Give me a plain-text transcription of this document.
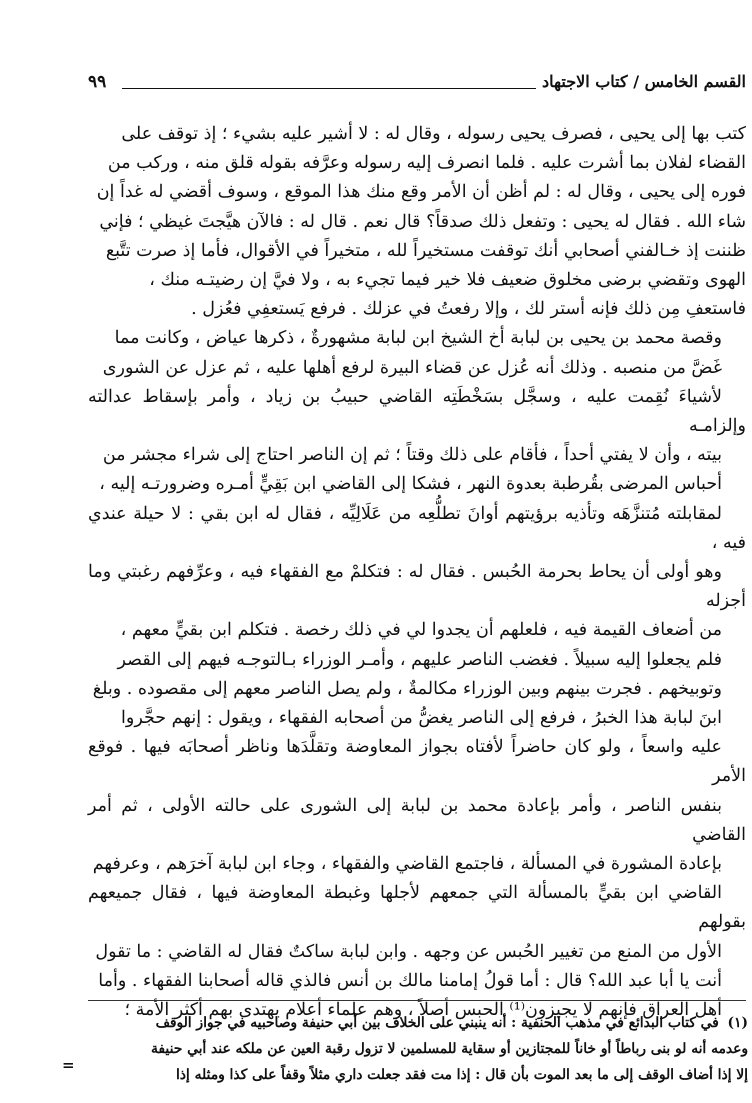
القسم الخامس / كتاب الاجتهاد
٩٩

كتب بها إلى يحيى ، فصرف يحيى رسوله ، وقال له : لا أشير عليه بشيء ؛ إذ توقف على
القضاء لفلان بما أشرت عليه . فلما انصرف إليه رسوله وعرَّفه بقوله قلق منه ، وركب من
فوره إلى يحيى ، وقال له : لم أظن أن الأمر وقع منك هذا الموقع ، وسوف أقضي له غداً إن
شاء الله . فقال له يحيى : وتفعل ذلك صدقاً؟ قال نعم . قال له : فالآن هيَّجتَ غيظي ؛ فإني
ظننت إذ خـالفني أصحابي أنك توقفت مستخيراً لله ، متخيراً في الأقوال، فأما إذ صرت تتَّبع
الهوى وتقضي برضى مخلوق ضعيف فلا خير فيما تجيء به ، ولا فيَّ إن رضيتـه منك ،
فاستعفِ مِن ذلك فإنه أستر لك ، وإلا رفعتُ في عزلك . فرفع يَستعفِي فعُزل .

وقصة محمد بن يحيى بن لبابة أخ الشيخ ابن لبابة مشهورةٌ ، ذكرها عياض ، وكانت مما
غَضَّ من منصبه . وذلك أنه عُزل عن قضاء البيرة لرفع أهلها عليه ، ثم عزل عن الشورى
لأشياءَ نُقِمت عليه ، وسجَّل بسَخْطَتِه القاضي حبيبُ بن زياد ، وأمر بإسقاط عدالته وإلزامـه
بيته ، وأن لا يفتي أحداً ، فأقام على ذلك وقتاً ؛ ثم إن الناصر احتاج إلى شراء مجشر من
أحباس المرضى بقُرطبة بعدوة النهر ، فشكا إلى القاضي ابن بَقِيٍّ أمـره وضرورتـه إليه ،
لمقابلته مُتنزَّهَه وتأذيه برؤيتهم أوانَ تطلُّعِه من عَلَالِيِّه ، فقال له ابن بقي : لا حيلة عندي فيه ،
وهو أولى أن يحاط بحرمة الحُبس . فقال له : فتكلمْ مع الفقهاء فيه ، وعرِّفهم رغبتي وما أجزله
من أضعاف القيمة فيه ، فلعلهم أن يجدوا لي في ذلك رخصة . فتكلم ابن بقيٍّ معهم ،
فلم يجعلوا إليه سبيلاً . فغضب الناصر عليهم ، وأمـر الوزراء بـالتوجـه فيهم إلى القصر
وتوبيخهم . فجرت بينهم وبين الوزراء مكالمةٌ ، ولم يصل الناصر معهم إلى مقصوده . وبلغ
ابنَ لبابة هذا الخبرُ ، فرفع إلى الناصر يغضُّ من أصحابه الفقهاء ، ويقول : إنهم حجَّروا
عليه واسعاً ، ولو كان حاضراً لأفتاه بجواز المعاوضة وتقلَّدَها وناظر أصحابَه فيها . فوقع الأمر
بنفس الناصر ، وأمر بإعادة محمد بن لبابة إلى الشورى على حالته الأولى ، ثم أمر القاضي
بإعادة المشورة في المسألة ، فاجتمع القاضي والفقهاء ، وجاء ابن لبابة آخرَهم ، وعرفهم
القاضي ابن بقيٍّ بالمسألة التي جمعهم لأجلها وغبطة المعاوضة فيها ، فقال جميعهم بقولهم
الأول من المنع من تغيير الحُبس عن وجهه . وابن لبابة ساكتٌ فقال له القاضي : ما تقول
أنت يا أبا عبد الله؟ قال : أما قولُ إمامنا مالك بن أنس فالذي قاله أصحابنا الفقهاء . وأما
أهل العراق فإنهم لا يجيزون⁽¹⁾ الحبس أصلاً ، وهم علماء أعلام يهتدى بهم أكثر الأمة ؛

(١) في كتاب البدائع في مذهب الحنفية : أنه ينبني على الخلاف بين أبي حنيفة وصاحبيه في جواز الوقف
وعدمه أنه لو بنى رباطاً أو خاناً للمجتازين أو سقاية للمسلمين لا تزول رقبة العين عن ملكه عند أبي حنيفة
إلا إذا أضاف الوقف إلى ما بعد الموت بأن قال : إذا مت فقد جعلت داري مثلاً وقفاً على كذا ومثله إذا
=
